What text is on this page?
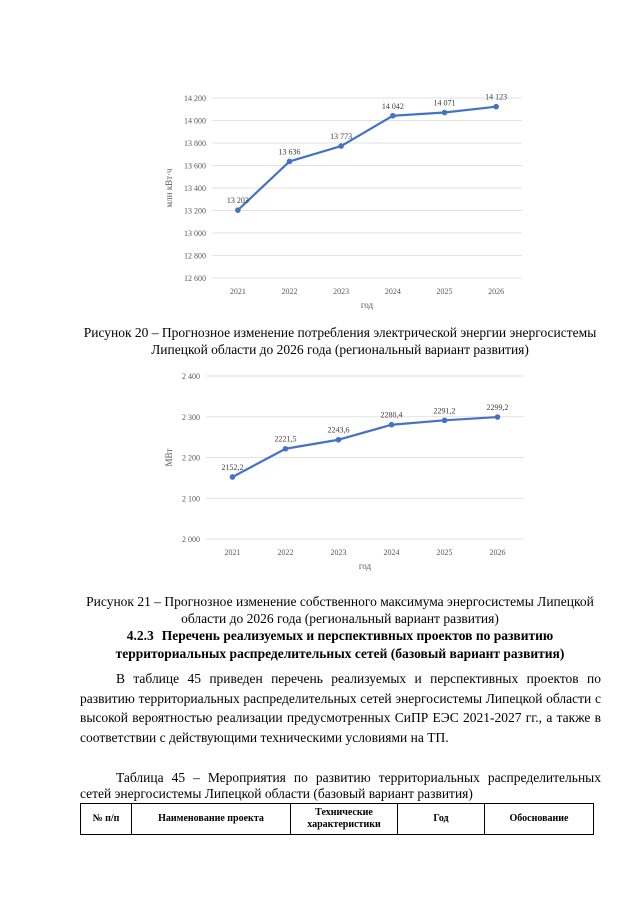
12 600
12 800
13 000
13 200
13 400
13 600
13 800
14 000
14 200
2021	2022	2023	2024	2025	2026
13 203
13 636
13 773
14 042	14 071
14 123
год
млн кВт·ч

Рисунок 20 – Прогнозное изменение потребления электрической энергии энергосистемы Липецкой области до 2026 года (региональный вариант развития)

2 000
2 100
2 200
2 300
2 400
2021	2022	2023	2024	2025	2026
2152,2
2221,5
2243,6
2280,4	2291,2	2299,2
год
МВт

Рисунок 21 – Прогнозное изменение собственного максимума энергосистемы Липецкой области до 2026 года (региональный вариант развития)

4.2.3 Перечень реализуемых и перспективных проектов по развитию территориальных распределительных сетей (базовый вариант развития)

В таблице 45 приведен перечень реализуемых и перспективных проектов по развитию территориальных распределительных сетей энергосистемы Липецкой области с высокой вероятностью реализации предусмотренных СиПР ЕЭС 2021-2027 гг., а также в соответствии с действующими техническими условиями на ТП.

Таблица 45 – Мероприятия по развитию территориальных распределительных сетей энергосистемы Липецкой области (базовый вариант развития)

№ п/п	Наименование проекта	Технические характеристики	Год	Обоснование
